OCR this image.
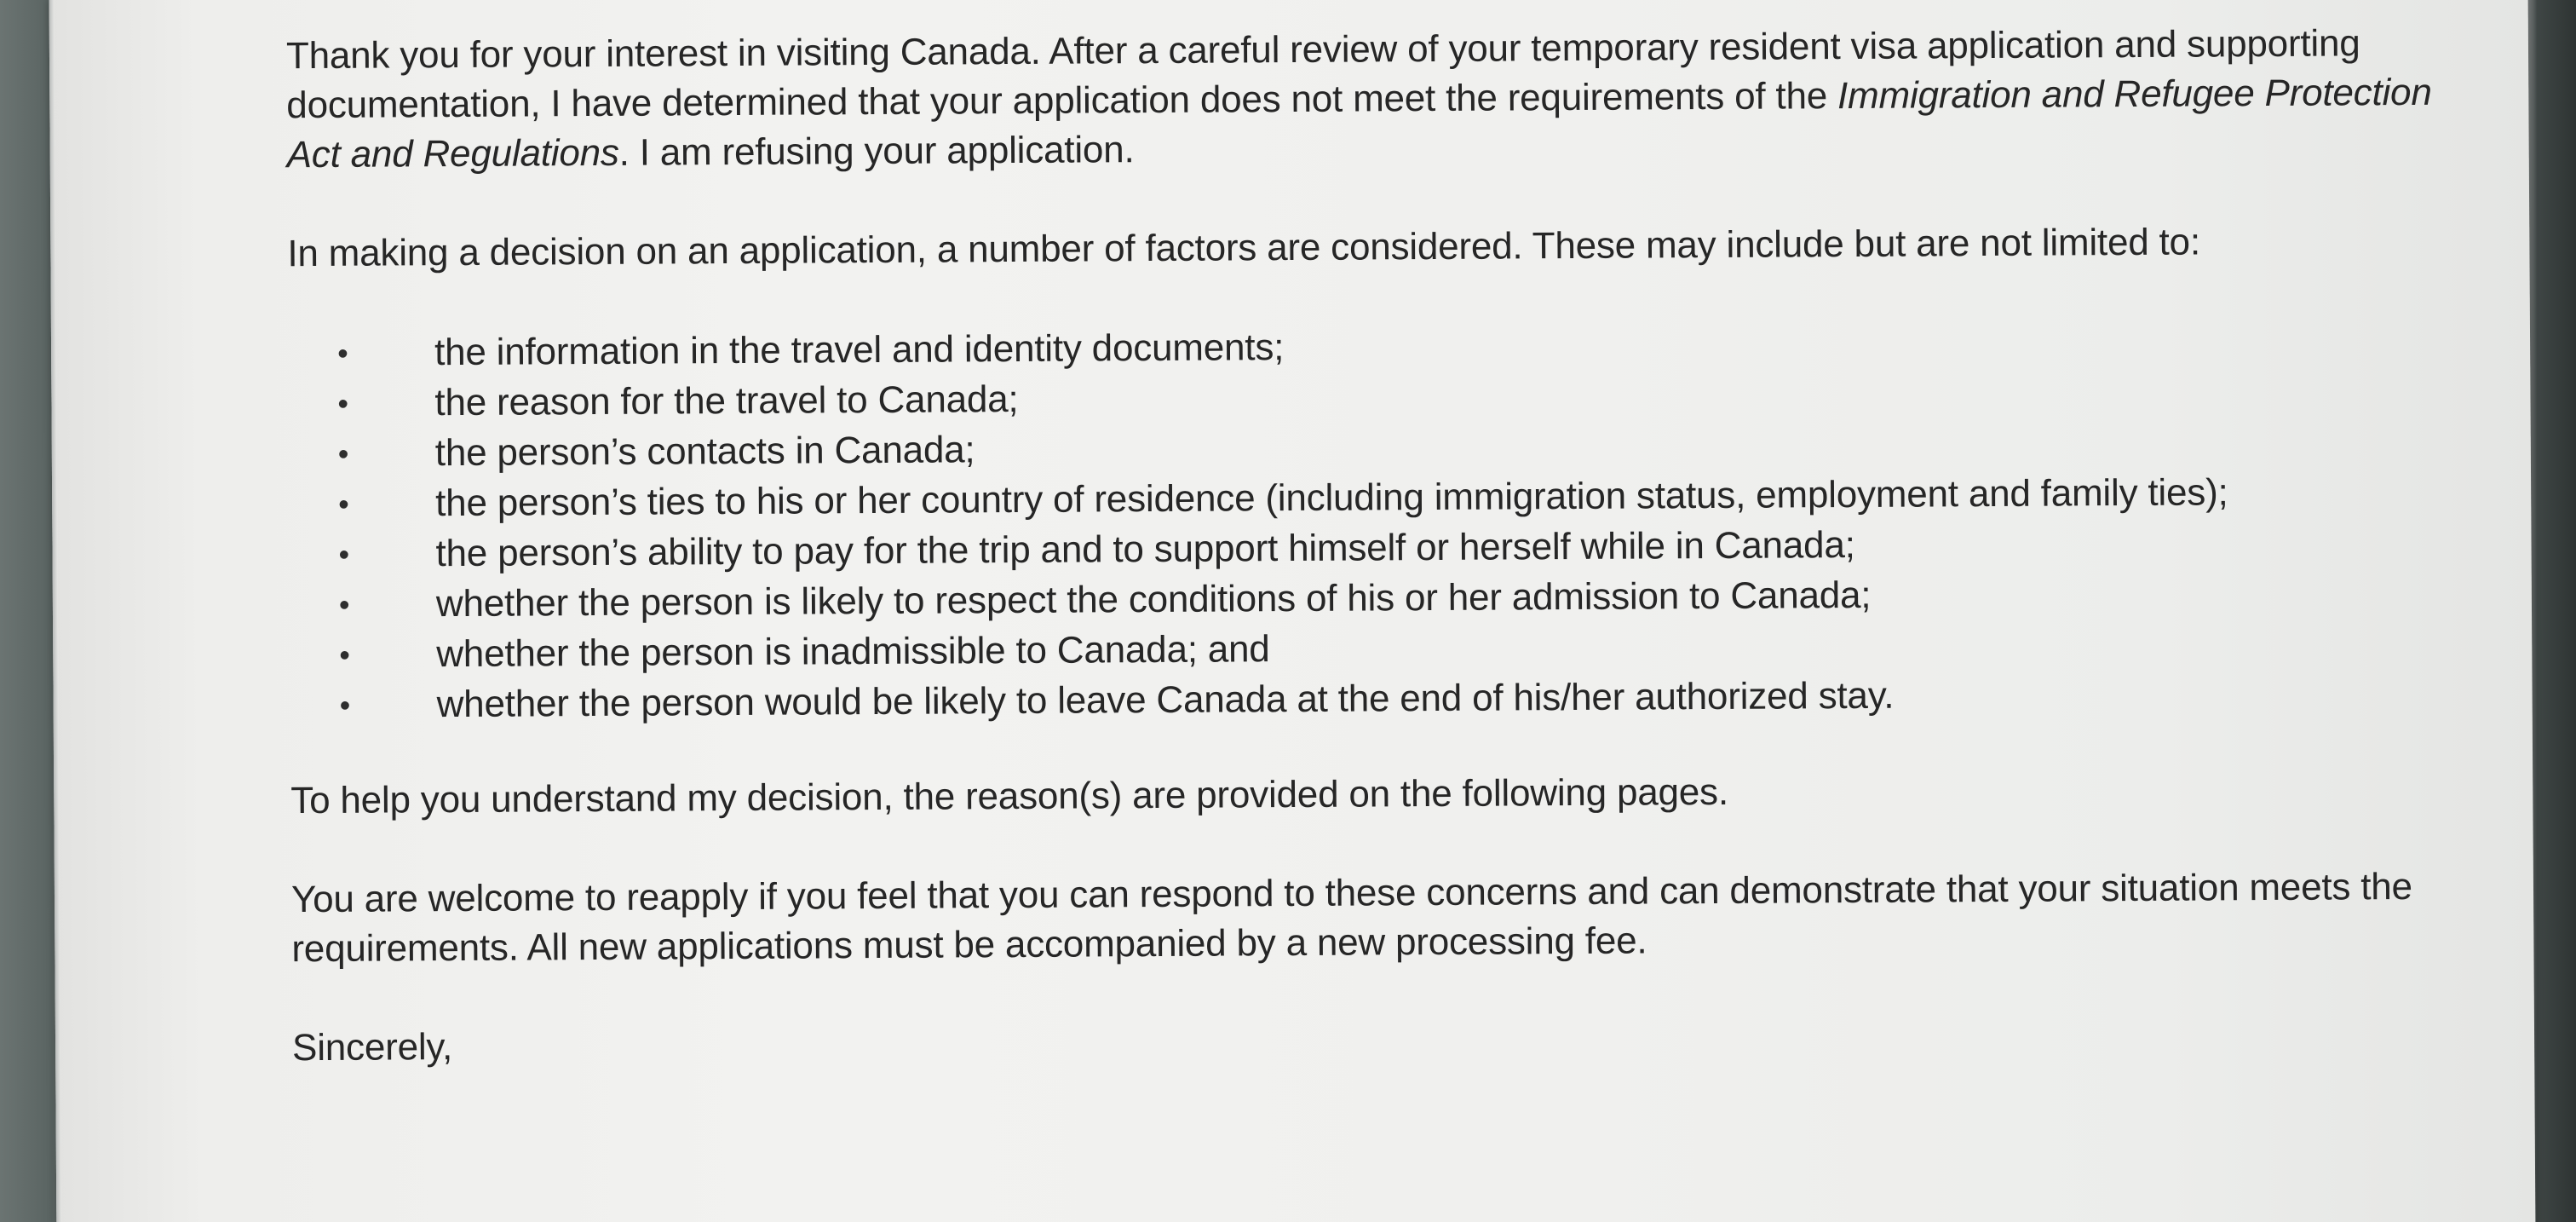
Thank you for your interest in visiting Canada. After a careful review of your temporary resident visa application and supporting documentation, I have determined that your application does not meet the requirements of the Immigration and Refugee Protection Act and Regulations. I am refusing your application.

In making a decision on an application, a number of factors are considered. These may include but are not limited to:

• the information in the travel and identity documents;
• the reason for the travel to Canada;
• the person’s contacts in Canada;
• the person’s ties to his or her country of residence (including immigration status, employment and family ties);
• the person’s ability to pay for the trip and to support himself or herself while in Canada;
• whether the person is likely to respect the conditions of his or her admission to Canada;
• whether the person is inadmissible to Canada; and
• whether the person would be likely to leave Canada at the end of his/her authorized stay.

To help you understand my decision, the reason(s) are provided on the following pages.

You are welcome to reapply if you feel that you can respond to these concerns and can demonstrate that your situation meets the requirements. All new applications must be accompanied by a new processing fee.

Sincerely,
